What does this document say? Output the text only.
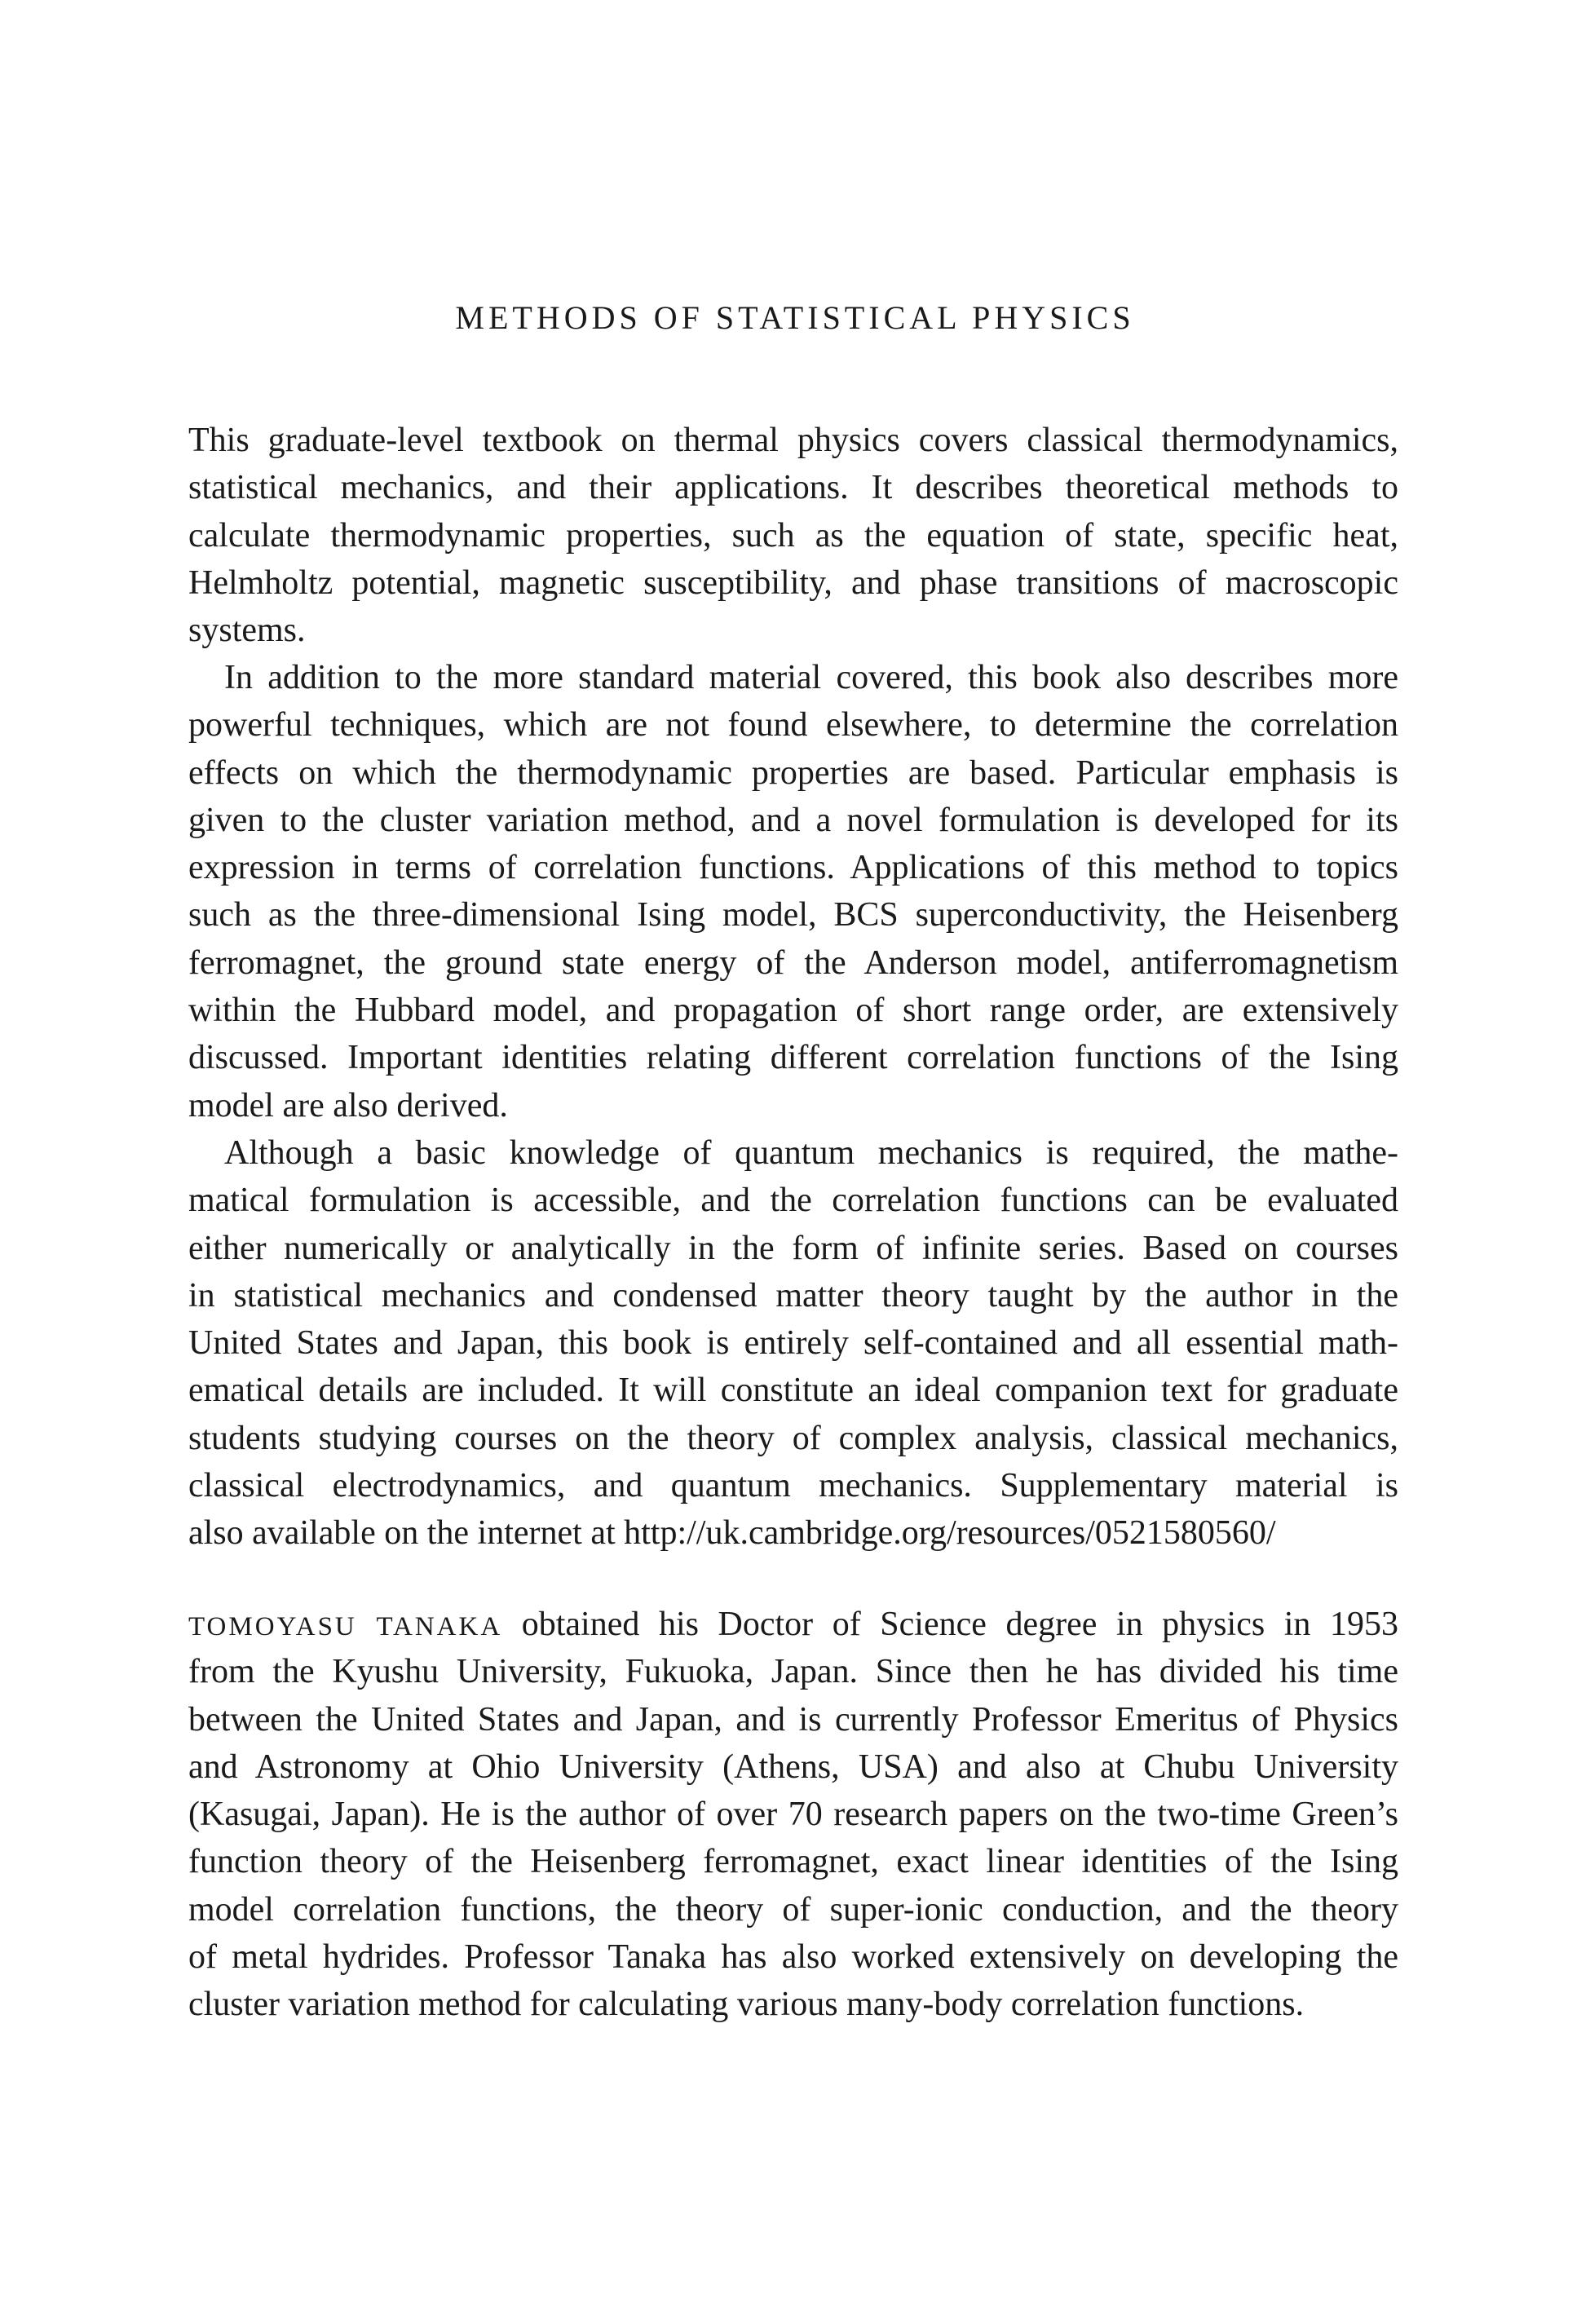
METHODS OF STATISTICAL PHYSICS
This graduate-level textbook on thermal physics covers classical thermodynamics,
statistical mechanics, and their applications. It describes theoretical methods to
calculate thermodynamic properties, such as the equation of state, specific heat,
Helmholtz potential, magnetic susceptibility, and phase transitions of macroscopic
systems.
In addition to the more standard material covered, this book also describes more
powerful techniques, which are not found elsewhere, to determine the correlation
effects on which the thermodynamic properties are based. Particular emphasis is
given to the cluster variation method, and a novel formulation is developed for its
expression in terms of correlation functions. Applications of this method to topics
such as the three-dimensional Ising model, BCS superconductivity, the Heisenberg
ferromagnet, the ground state energy of the Anderson model, antiferromagnetism
within the Hubbard model, and propagation of short range order, are extensively
discussed. Important identities relating different correlation functions of the Ising
model are also derived.
Although a basic knowledge of quantum mechanics is required, the mathe-
matical formulation is accessible, and the correlation functions can be evaluated
either numerically or analytically in the form of infinite series. Based on courses
in statistical mechanics and condensed matter theory taught by the author in the
United States and Japan, this book is entirely self-contained and all essential math-
ematical details are included. It will constitute an ideal companion text for graduate
students studying courses on the theory of complex analysis, classical mechanics,
classical electrodynamics, and quantum mechanics. Supplementary material is
also available on the internet at http://uk.cambridge.org/resources/0521580560/
TOMOYASU TANAKA obtained his Doctor of Science degree in physics in 1953
from the Kyushu University, Fukuoka, Japan. Since then he has divided his time
between the United States and Japan, and is currently Professor Emeritus of Physics
and Astronomy at Ohio University (Athens, USA) and also at Chubu University
(Kasugai, Japan). He is the author of over 70 research papers on the two-time Green’s
function theory of the Heisenberg ferromagnet, exact linear identities of the Ising
model correlation functions, the theory of super-ionic conduction, and the theory
of metal hydrides. Professor Tanaka has also worked extensively on developing the
cluster variation method for calculating various many-body correlation functions.
